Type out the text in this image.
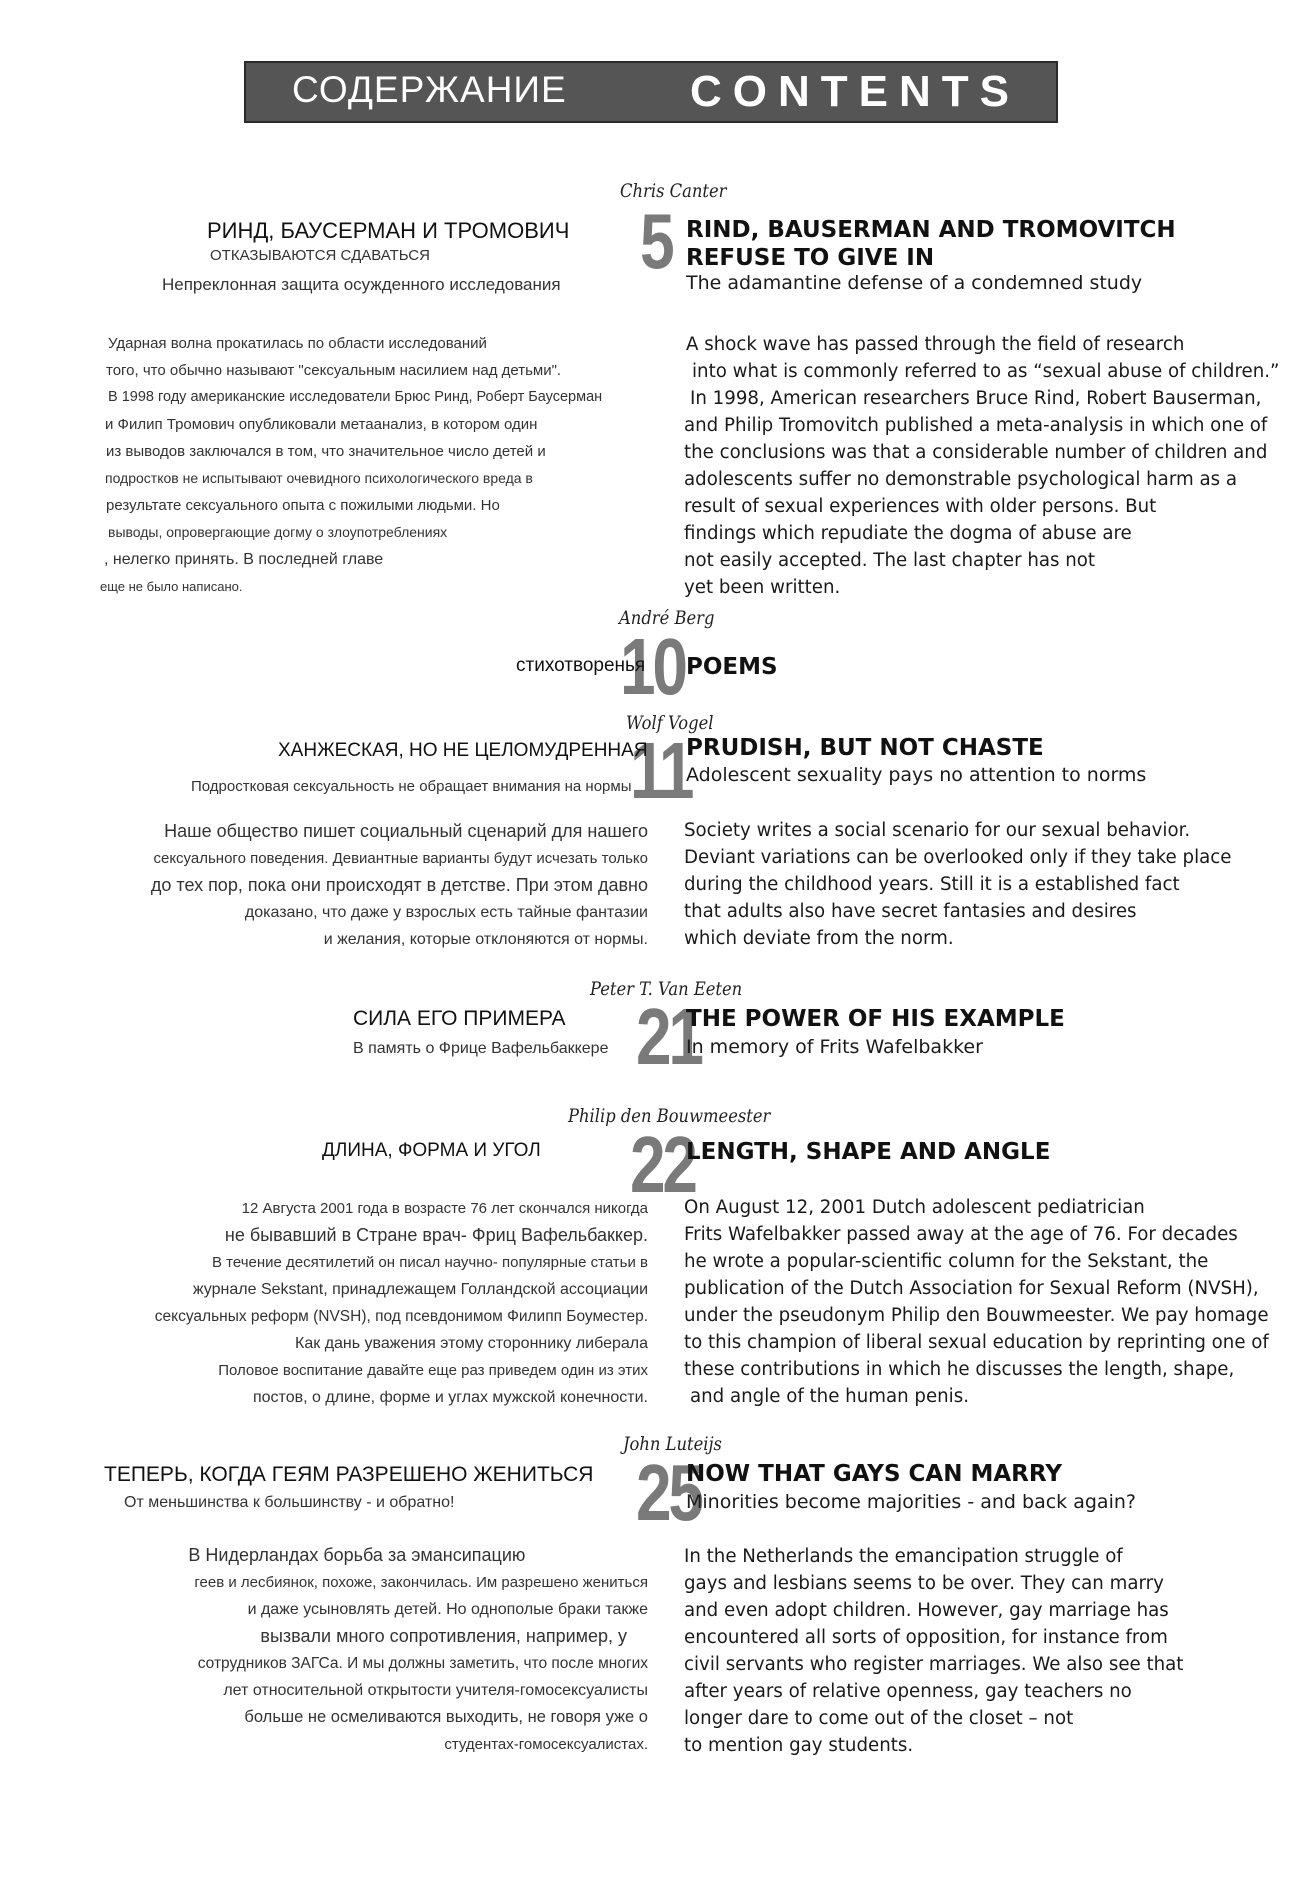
СОДЕРЖАНИЕ	CONTENTS
Chris Canter
5 RIND, BAUSERMAN AND TROMOVITCH
REFUSE TO GIVE IN
The adamantine defense of a condemned study
РИНД, БАУСЕРМАН И ТРОМОВИЧ
ОТКАЗЫВАЮТСЯ СДАВАТЬСЯ
Непреклонная защита осужденного исследования
A shock wave has passed through the field of research
into what is commonly referred to as “sexual abuse of children.”
In 1998, American researchers Bruce Rind, Robert Bauserman,
and Philip Tromovitch published a meta-analysis in which one of
the conclusions was that a considerable number of children and
adolescents suffer no demonstrable psychological harm as a
result of sexual experiences with older persons. But
findings which repudiate the dogma of abuse are
not easily accepted. The last chapter has not
yet been written.
Ударная волна прокатилась по области исследований
того, что обычно называют "сексуальным насилием над детьми".
В 1998 году американские исследователи Брюс Ринд, Роберт Баусерман
и Филип Тромович опубликовали метаанализ, в котором один
из выводов заключался в том, что значительное число детей и
подростков не испытывают очевидного психологического вреда в
результате сексуального опыта с пожилыми людьми. Но
выводы, опровергающие догму о злоупотреблениях
, нелегко принять. В последней главе
еще не было написано.
André Berg
10 POEMS
стихотворенья
Wolf Vogel
11
PRUDISH, BUT NOT CHASTE
Adolescent sexuality pays no attention to norms
ХАНЖЕСКАЯ, НО НЕ ЦЕЛОМУДРЕННАЯ
Подростковая сексуальность не обращает внимания на нормы
Society writes a social scenario for our sexual behavior.
Deviant variations can be overlooked only if they take place
during the childhood years. Still it is a established fact
that adults also have secret fantasies and desires
which deviate from the norm.
Наше общество пишет социальный сценарий для нашего
сексуального поведения. Девиантные варианты будут исчезать только
до тех пор, пока они происходят в детстве. При этом давно
доказано, что даже у взрослых есть тайные фантазии
и желания, которые отклоняются от нормы.
Peter T. Van Eeten
21
THE POWER OF HIS EXAMPLE
In memory of Frits Wafelbakker
СИЛА ЕГО ПРИМЕРА
В память о Фрице Вафельбаккере
Philip den Bouwmeester
22
LENGTH, SHAPE AND ANGLE
ДЛИНА, ФОРМА И УГОЛ
On August 12, 2001 Dutch adolescent pediatrician
Frits Wafelbakker passed away at the age of 76. For decades
he wrote a popular-scientific column for the Sekstant, the
publication of the Dutch Association for Sexual Reform (NVSH),
under the pseudonym Philip den Bouwmeester. We pay homage
to this champion of liberal sexual education by reprinting one of
these contributions in which he discusses the length, shape,
and angle of the human penis.
12 Августа 2001 года в возрасте 76 лет скончался никогда
не бывавший в Стране врач- Фриц Вафельбаккер.
В течение десятилетий он писал научно- популярные статьи в
журнале Sekstant, принадлежащем Голландской ассоциации
сексуальных реформ (NVSH), под псевдонимом Филипп Боуместер.
Как дань уважения этому стороннику либерала
Половое воспитание давайте еще раз приведем один из этих
постов, о длине, форме и углах мужской конечности.
John Luteijs
25
NOW THAT GAYS CAN MARRY
Minorities become majorities - and back again?
ТЕПЕРЬ, КОГДА ГЕЯМ РАЗРЕШЕНО ЖЕНИТЬСЯ
От меньшинства к большинству - и обратно!
In the Netherlands the emancipation struggle of
gays and lesbians seems to be over. They can marry
and even adopt children. However, gay marriage has
encountered all sorts of opposition, for instance from
civil servants who register marriages. We also see that
after years of relative openness, gay teachers no
longer dare to come out of the closet – not
to mention gay students.
В Нидерландах борьба за эмансипацию
геев и лесбиянок, похоже, закончилась. Им разрешено жениться
и даже усыновлять детей. Но однополые браки также
вызвали много сопротивления, например, у
сотрудников ЗАГСа. И мы должны заметить, что после многих
лет относительной открытости учителя-гомосексуалисты
больше не осмеливаются выходить, не говоря уже о
студентах-гомосексуалистах.
